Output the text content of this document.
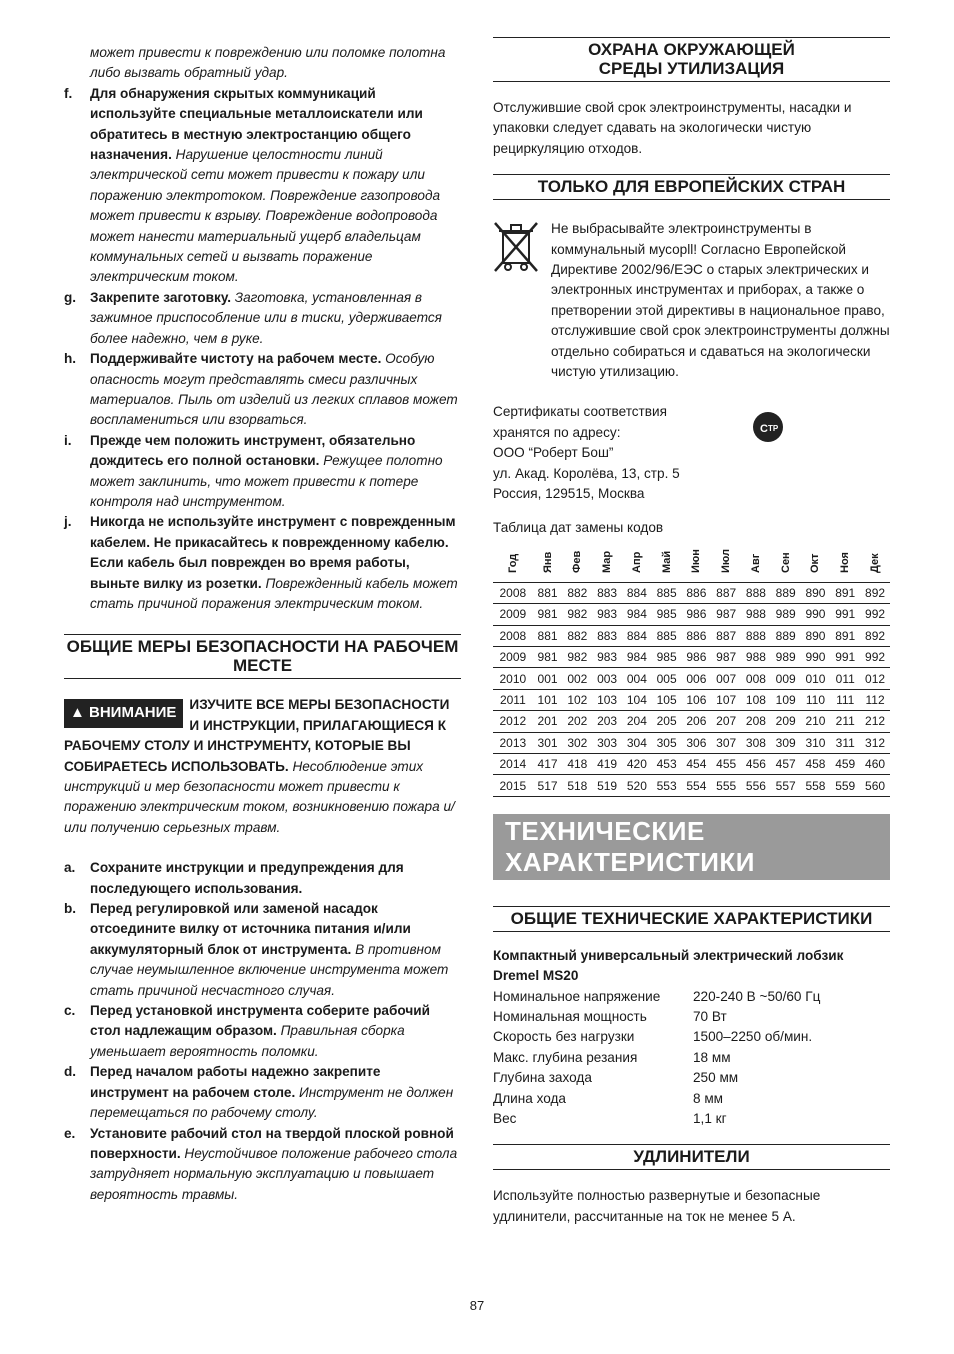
может привести к повреждению или поломке полотна либо вызвать обратный удар.

f. Для обнаружения скрытых коммуникаций используйте специальные металлоискатели или обратитесь в местную электростанцию общего назначения. Нарушение целостности линий электрической сети может привести к пожару или поражению электротоком. Повреждение газопровода может привести к взрыву. Повреждение водопровода может нанести материальный ущерб владельцам коммунальных сетей и вызвать поражение электрическим током.
g. Закрепите заготовку. Заготовка, установленная в зажимное приспособление или в тиски, удерживается более надежно, чем в руке.
h. Поддерживайте чистоту на рабочем месте. Особую опасность могут представлять смеси различных материалов. Пыль от изделий из легких сплавов может воспламениться или взорваться.
i. Прежде чем положить инструмент, обязательно дождитесь его полной остановки. Режущее полотно может заклинить, что может привести к потере контроля над инструментом.
j. Никогда не используйте инструмент с поврежденным кабелем. Не прикасайтесь к поврежденному кабелю. Если кабель был поврежден во время работы, выньте вилку из розетки. Поврежденный кабель может стать причиной поражения электрическим током.
ОБЩИЕ МЕРЫ БЕЗОПАСНОСТИ НА РАБОЧЕМ МЕСТЕ
▲ ВНИМАНИЕ ИЗУЧИТЕ ВСЕ МЕРЫ БЕЗОПАСНОСТИ И ИНСТРУКЦИИ, ПРИЛАГАЮЩИЕСЯ К РАБОЧЕМУ СТОЛУ И ИНСТРУМЕНТУ, КОТОРЫЕ ВЫ СОБИРАЕТЕСЬ ИСПОЛЬЗОВАТЬ. Несоблюдение этих инструкций и мер безопасности может привести к поражению электрическим током, возникновению пожара и/или получению серьезных травм.
a. Сохраните инструкции и предупреждения для последующего использования.
b. Перед регулировкой или заменой насадок отсоедините вилку от источника питания и/или аккумуляторный блок от инструмента. В противном случае неумышленное включение инструмента может стать причиной несчастного случая.
c. Перед установкой инструмента соберите рабочий стол надлежащим образом. Правильная сборка уменьшает вероятность поломки.
d. Перед началом работы надежно закрепите инструмент на рабочем столе. Инструмент не должен перемещаться по рабочему столу.
e. Установите рабочий стол на твердой плоской ровной поверхности. Неустойчивое положение рабочего стола затрудняет нормальную эксплуатацию и повышает вероятность травмы.
ОХРАНА ОКРУЖАЮЩЕЙ
СРЕДЫ УТИЛИЗАЦИЯ

Отслужившие свой срок электроинструменты, насадки и упаковки следует сдавать на экологически чистую рециркуляцию отходов.

ТОЛЬКО ДЛЯ ЕВРОПЕЙСКИХ СТРАН

Не выбрасывайте электроинструменты в коммунальный мусорll! Согласно Европейской Директиве 2002/96/ЕЭС о старых электрических и электронных инструментах и приборах, а также о претворении этой директивы в национальное право, отслужившие свой срок электроинструменты должны отдельно собираться и сдаваться на экологически чистую утилизацию.

Сертификаты соответствия

хранятся по адресу:

ООО “Роберт Бош”

ул. Акад. Королёва, 13, стр. 5

Россия, 129515, Москва

С ТР

Таблица дат замены кодов

Год	Янв	Фев	Мар	Апр	Май	Июн	Июл	Авг	Сен	Окт	Ноя	Дек

2008	881	882	883	884	885	886	887	888	889	890	891	892
2009	981	982	983	984	985	986	987	988	989	990	991	992
2008	881	882	883	884	885	886	887	888	889	890	891	892
2009	981	982	983	984	985	986	987	988	989	990	991	992
2010	001	002	003	004	005	006	007	008	009	010	011	012
2011	101	102	103	104	105	106	107	108	109	110	111	112
2012	201	202	203	204	205	206	207	208	209	210	211	212
2013	301	302	303	304	305	306	307	308	309	310	311	312
2014	417	418	419	420	453	454	455	456	457	458	459	460
2015	517	518	519	520	553	554	555	556	557	558	559	560
ТЕХНИЧЕСКИЕ ХАРАКТЕРИСТИКИ
ОБЩИЕ ТЕХНИЧЕСКИЕ ХАРАКТЕРИСТИКИ

Компактный универсальный электрический лобзик Dremel MS20

Номинальное напряжение	220-240 В ~50/60 Гц
Номинальная мощность	70 Вт
Скорость без нагрузки	1500–2250 об/мин.
Макс. глубина резания	18 мм
Глубина захода	250 мм
Длина хода	8 мм
Вес	1,1 кг
УДЛИНИТЕЛИ

Используйте полностью развернутые и безопасные удлинители, рассчитанные на ток не менее 5 А.

87
